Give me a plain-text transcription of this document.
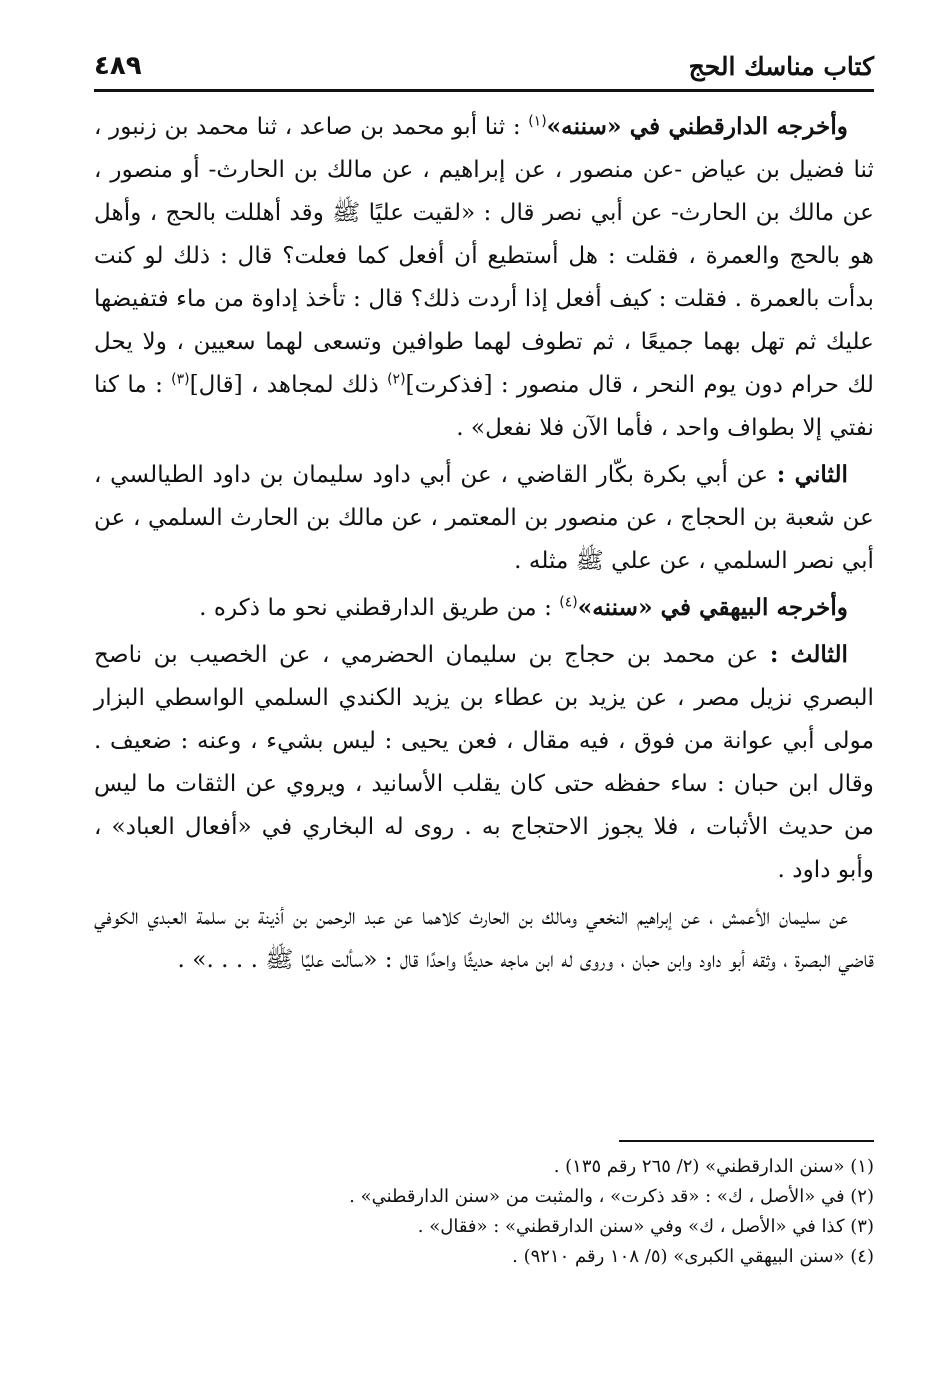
كتاب مناسك الحج
٤٨٩

وأخرجه الدارقطني في «سننه»$^{(١)}$ : ثنا أبو محمد بن صاعد ، ثنا محمد بن زنبور ، ثنا فضيل بن عياض -عن منصور ، عن إبراهيم ، عن مالك بن الحارث- أو منصور ، عن مالك بن الحارث- عن أبي نصر قال : «لقيت عليًا ﷺ وقد أهللت بالحج ، وأهل هو بالحج والعمرة ، فقلت : هل أستطيع أن أفعل كما فعلت؟ قال : ذلك لو كنت بدأت بالعمرة . فقلت : كيف أفعل إذا أردت ذلك؟ قال : تأخذ إداوة من ماء فتفيضها عليك ثم تهل بهما جميعًا ، ثم تطوف لهما طوافين وتسعى لهما سعيين ، ولا يحل لك حرام دون يوم النحر ، قال منصور : [فذكرت]$^{(٢)}$ ذلك لمجاهد ، [قال]$^{(٣)}$ : ما كنا نفتي إلا بطواف واحد ، فأما الآن فلا نفعل» .

الثاني : عن أبي بكرة بكّار القاضي ، عن أبي داود سليمان بن داود الطيالسي ، عن شعبة بن الحجاج ، عن منصور بن المعتمر ، عن مالك بن الحارث السلمي ، عن أبي نصر السلمي ، عن علي ﷺ مثله .

وأخرجه البيهقي في «سننه»$^{(٤)}$ : من طريق الدارقطني نحو ما ذكره .

الثالث : عن محمد بن حجاج بن سليمان الحضرمي ، عن الخصيب بن ناصح البصري نزيل مصر ، عن يزيد بن عطاء بن يزيد الكندي السلمي الواسطي البزار مولى أبي عوانة من فوق ، فيه مقال ، فعن يحيى : ليس بشيء ، وعنه : ضعيف . وقال ابن حبان : ساء حفظه حتى كان يقلب الأسانيد ، ويروي عن الثقات ما ليس من حديث الأثبات ، فلا يجوز الاحتجاج به . روى له البخاري في «أفعال العباد» ، وأبو داود .

عن سليمان الأعمش ، عن إبراهيم النخعي ومالك بن الحارث كلاهما عن عبد الرحمن بن أذينة بن سلمة العبدي الكوفي قاضي البصرة ، وثقه أبو داود وابن حبان ، وروى له ابن ماجه حديثًا واحدًا قال : «سألت عليًا ﷺ . . . .» .

(١) «سنن الدارقطني» (٢/ ٢٦٥ رقم ١٣٥) .

(٢) في «الأصل ، ك» : «قد ذكرت» ، والمثبت من «سنن الدارقطني» .

(٣) كذا في «الأصل ، ك» وفي «سنن الدارقطني» : «فقال» .

(٤) «سنن البيهقي الكبرى» (٥/ ١٠٨ رقم ٩٢١٠) .
